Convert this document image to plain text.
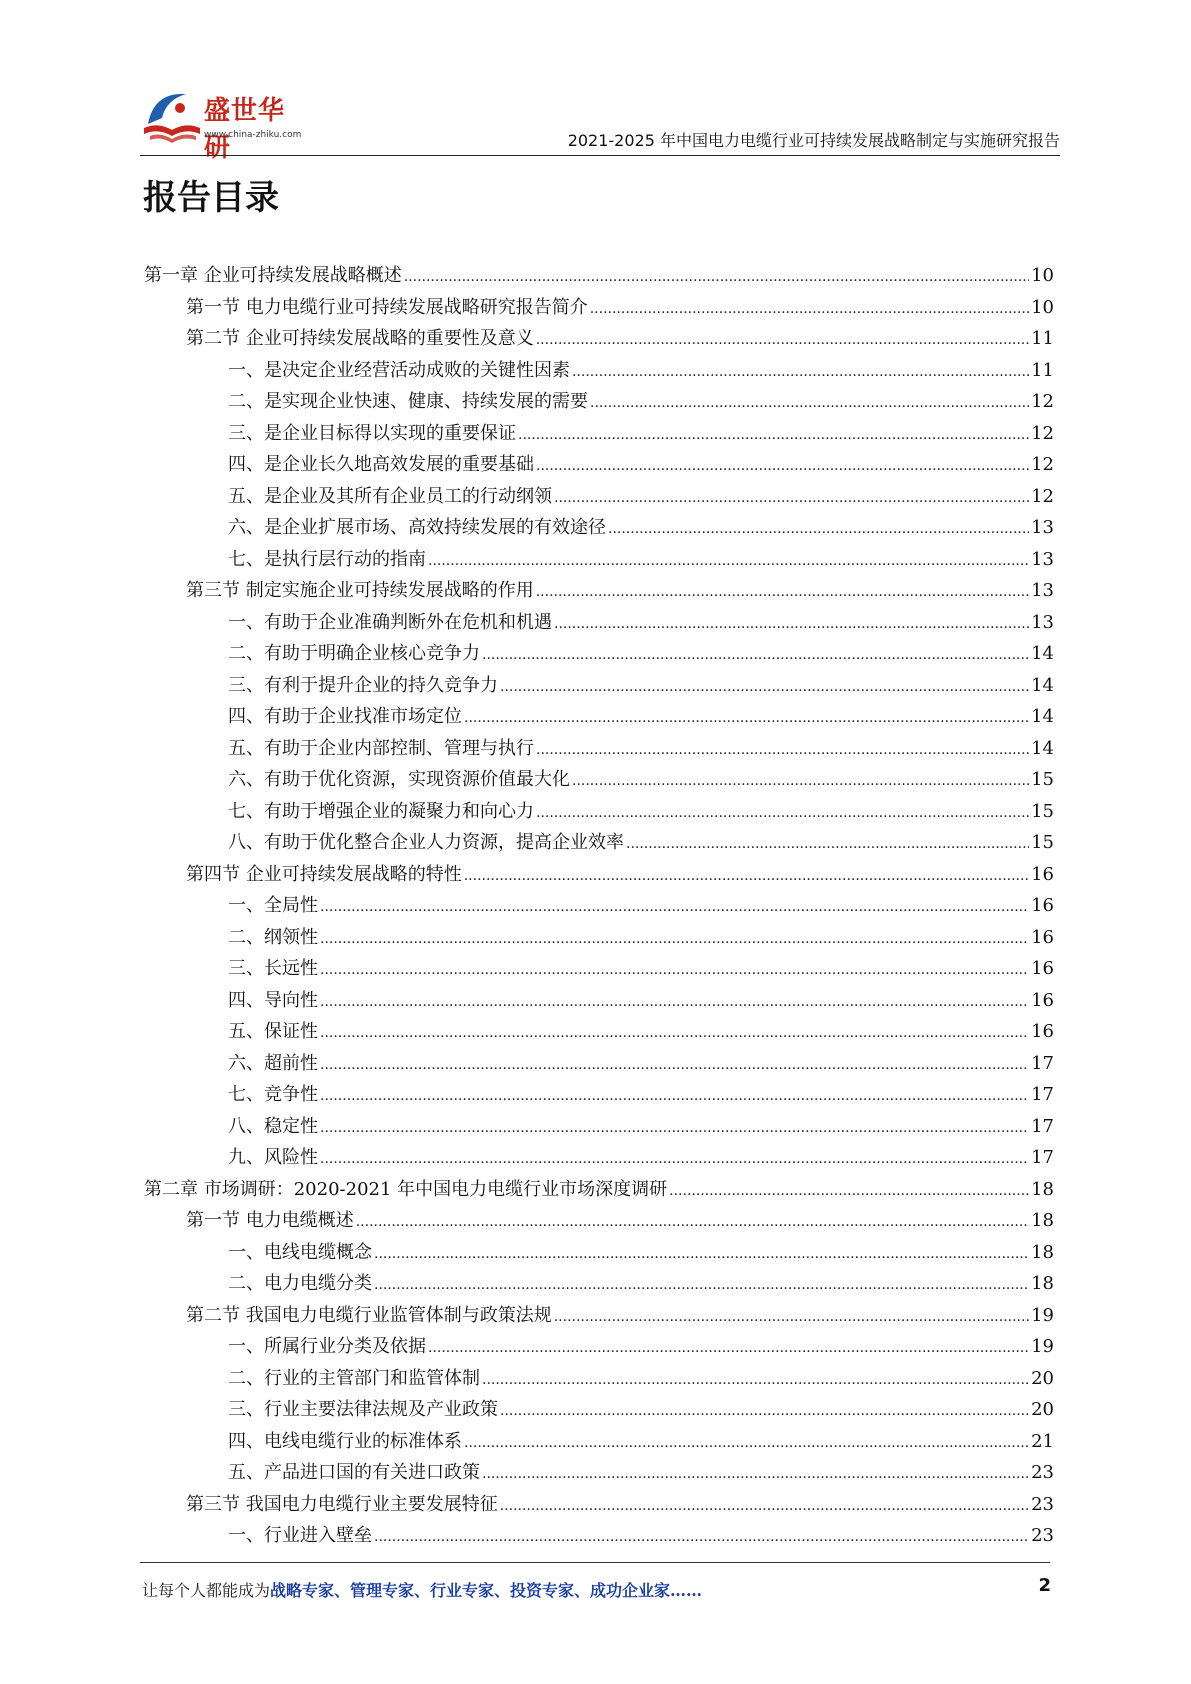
盛世华研
www.china-zhiku.com	2021-2025 年中国电力电缆行业可持续发展战略制定与实施研究报告
报告目录
第一章 企业可持续发展战略概述 .....	10
第一节 电力电缆行业可持续发展战略研究报告简介 .....	10
第二节 企业可持续发展战略的重要性及意义 .....	11
一、是决定企业经营活动成败的关键性因素 .....	11
二、是实现企业快速、健康、持续发展的需要 .....	12
三、是企业目标得以实现的重要保证 .....	12
四、是企业长久地高效发展的重要基础 .....	12
五、是企业及其所有企业员工的行动纲领 .....	12
六、是企业扩展市场、高效持续发展的有效途径 .....	13
七、是执行层行动的指南 .....	13
第三节 制定实施企业可持续发展战略的作用 .....	13
一、有助于企业准确判断外在危机和机遇 .....	13
二、有助于明确企业核心竞争力 .....	14
三、有利于提升企业的持久竞争力 .....	14
四、有助于企业找准市场定位 .....	14
五、有助于企业内部控制、管理与执行 .....	14
六、有助于优化资源，实现资源价值最大化 .....	15
七、有助于增强企业的凝聚力和向心力 .....	15
八、有助于优化整合企业人力资源，提高企业效率 .....	15
第四节 企业可持续发展战略的特性 .....	16
一、全局性 .....	16
二、纲领性 .....	16
三、长远性 .....	16
四、导向性 .....	16
五、保证性 .....	16
六、超前性 .....	17
七、竞争性 .....	17
八、稳定性 .....	17
九、风险性 .....	17
第二章 市场调研：2020-2021 年中国电力电缆行业市场深度调研 .....	18
第一节 电力电缆概述 .....	18
一、电线电缆概念 .....	18
二、电力电缆分类 .....	18
第二节 我国电力电缆行业监管体制与政策法规 .....	19
一、所属行业分类及依据 .....	19
二、行业的主管部门和监管体制 .....	20
三、行业主要法律法规及产业政策 .....	20
四、电线电缆行业的标准体系 .....	21
五、产品进口国的有关进口政策 .....	23
第三节 我国电力电缆行业主要发展特征 .....	23
一、行业进入壁垒 .....	23
让每个人都能成为战略专家、管理专家、行业专家、投资专家、成功企业家……	2
